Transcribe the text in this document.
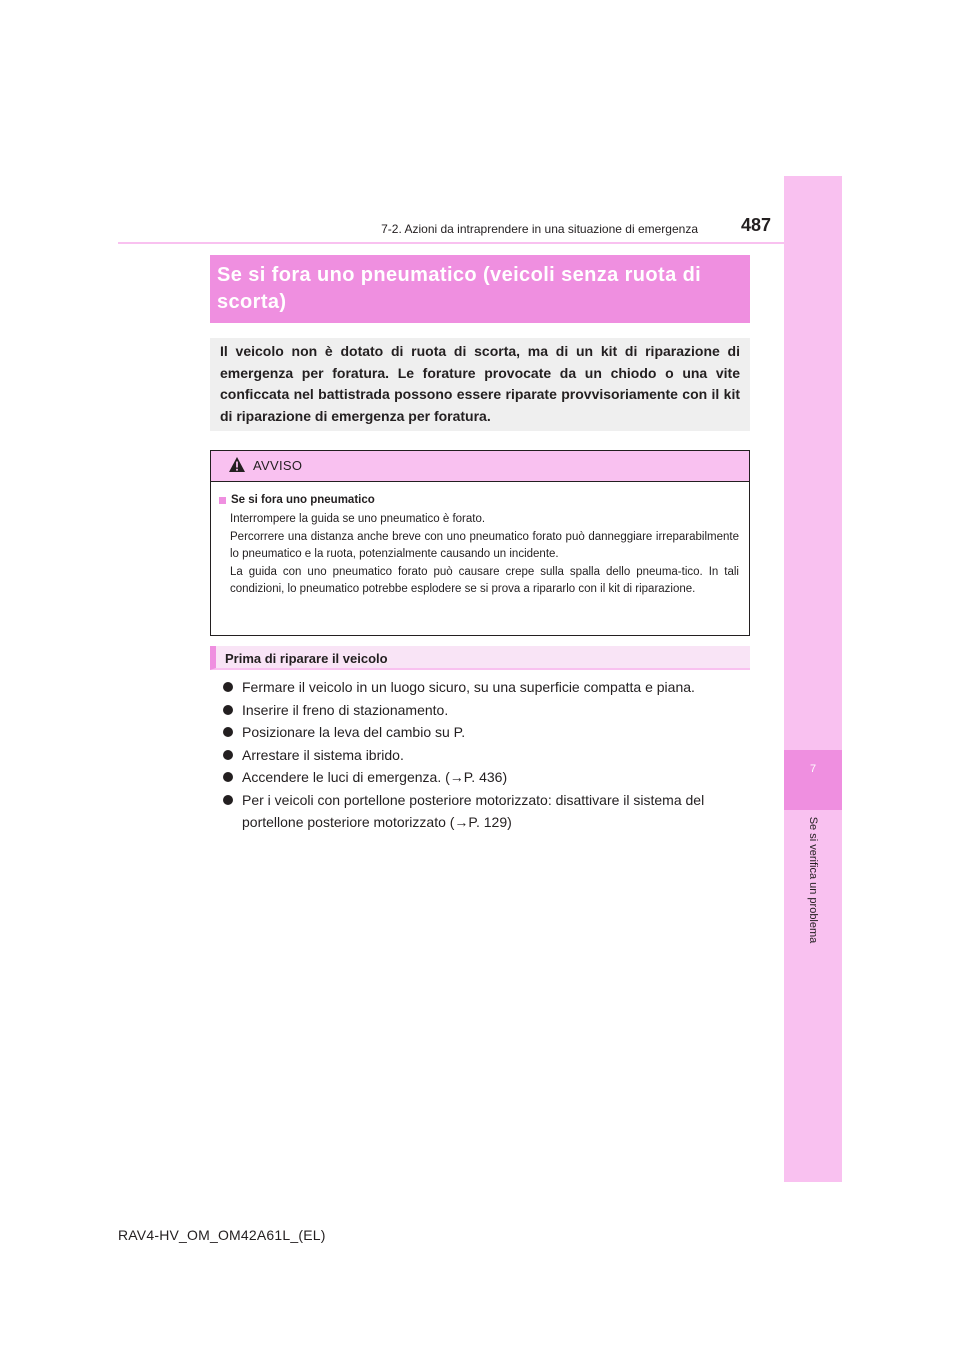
7
Se si verifica un problema
7-2. Azioni da intraprendere in una situazione di emergenza 487
Se si fora uno pneumatico (veicoli senza ruota di scorta)

Il veicolo non è dotato di ruota di scorta, ma di un kit di riparazione di emergenza per foratura. Le forature provocate da un chiodo o una vite conficcata nel battistrada possono essere riparate provvisoriamente con il kit di riparazione di emergenza per foratura.

AVVISO
Se si fora uno pneumatico

Interrompere la guida se uno pneumatico è forato.

Percorrere una distanza anche breve con uno pneumatico forato può danneggiare irreparabilmente lo pneumatico e la ruota, potenzialmente causando un incidente.

La guida con uno pneumatico forato può causare crepe sulla spalla dello pneuma-tico. In tali condizioni, lo pneumatico potrebbe esplodere se si prova a ripararlo con il kit di riparazione.

Prima di riparare il veicolo
Fermare il veicolo in un luogo sicuro, su una superficie compatta e piana.
Inserire il freno di stazionamento.
Posizionare la leva del cambio su P.
Arrestare il sistema ibrido.
Accendere le luci di emergenza. (→P. 436)
Per i veicoli con portellone posteriore motorizzato: disattivare il sistema del portellone posteriore motorizzato (→P. 129)
RAV4-HV_OM_OM42A61L_(EL)
